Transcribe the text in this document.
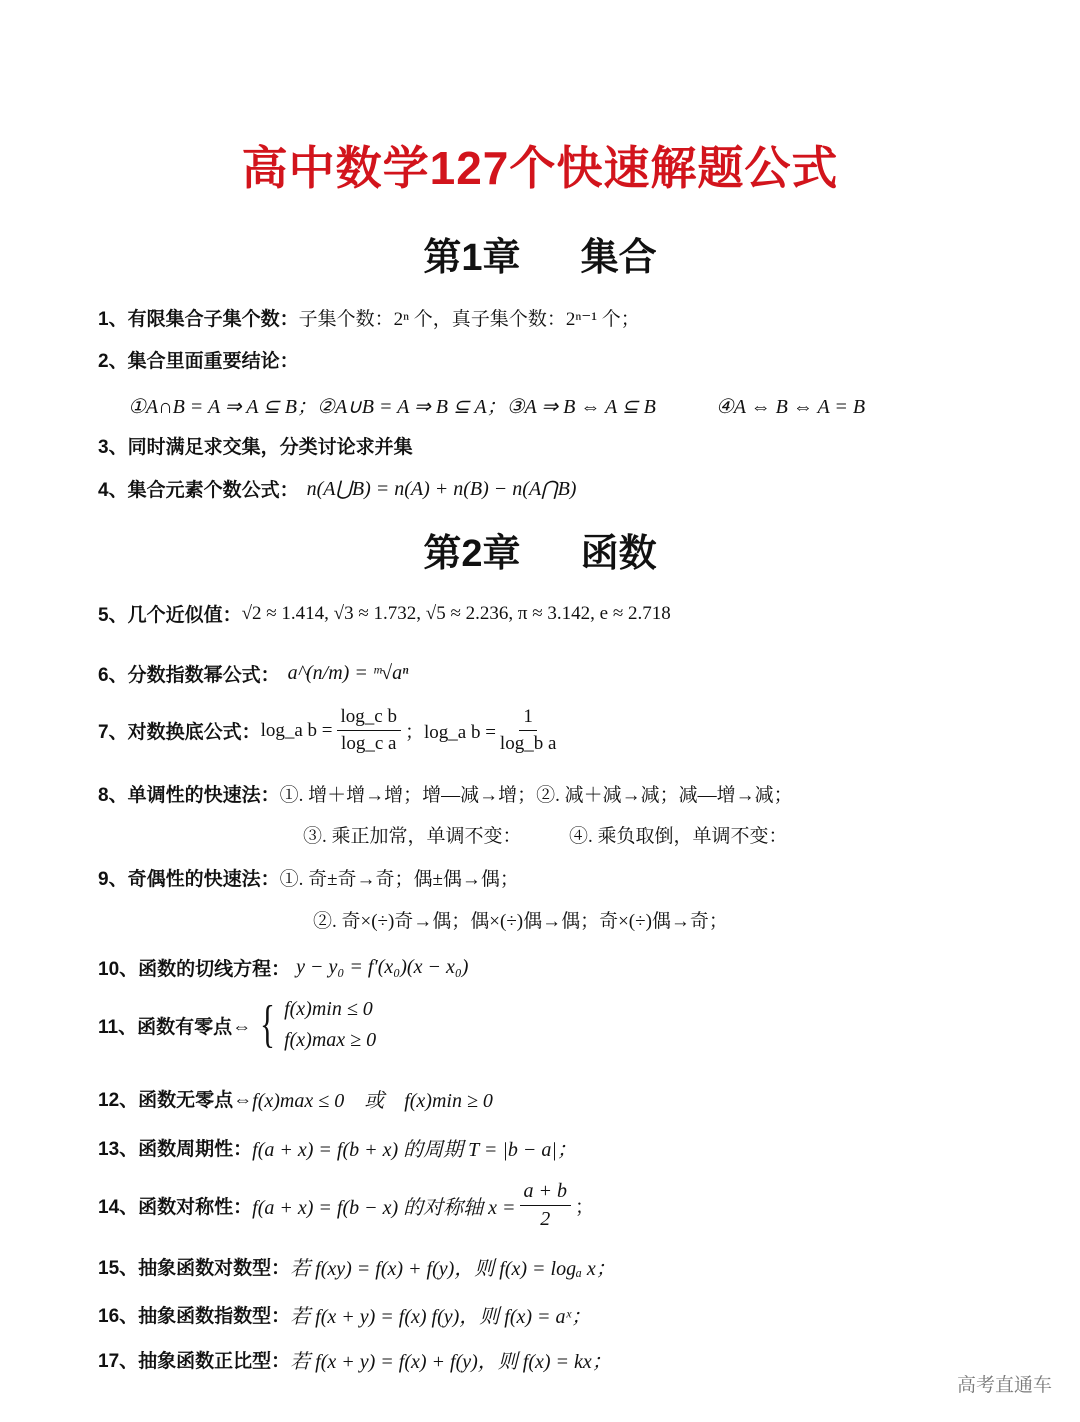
高中数学127个快速解题公式
第1章 集合
1、有限集合子集个数： 子集个数：2ⁿ 个，真子集个数：2ⁿ⁻¹ 个；
2、集合里面重要结论：
①A∩B = A ⇒ A ⊆ B；②A∪B = A ⇒ B ⊆ A；③A ⇒ B ⇔ A ⊆ B　　　④A ⇔ B ⇔ A = B
3、同时满足求交集，分类讨论求并集
4、集合元素个数公式： n(A⋃B) = n(A) + n(B) − n(A⋂B)
第2章 函数
5、几个近似值： √2 ≈ 1.414, √3 ≈ 1.732, √5 ≈ 2.236, π ≈ 3.142, e ≈ 2.718
6、分数指数幂公式： a^(n/m) = ᵐ√aⁿ
7、对数换底公式： log_a $b = \frac{\text{log\_c b}}{\text{log\_c a}}$ ；log_a $b = \frac{1}{\text{log\_b a}}$
8、单调性的快速法： ①. 增＋增→增；增—减→增；②. 减＋减→减；减—增→减；
③. 乘正加常，单调不变：　　　④. 乘负取倒，单调不变：
9、奇偶性的快速法： ①. 奇±奇→奇；偶±偶→偶；
②. 奇×(÷)奇→偶；偶×(÷)偶→偶；奇×(÷)偶→奇；
10、函数的切线方程： y − y₀ = f′(x₀)(x − x₀)
11、函数有零点⇔ { f(x)min ≤ 0
f(x)max ≥ 0
12、函数无零点⇔ f(x)max ≤ 0　或　f(x)min ≥ 0
13、函数周期性： f(a + x) = f(b + x) 的周期 T = |b − a|；
14、函数对称性： f(a + x) = f(b − x) 的对称轴 $x = \frac{a + b}{2}$ ；
15、抽象函数对数型： 若 f(xy) = f(x) + f(y)，则 f(x) = logₐ x；
16、抽象函数指数型： 若 f(x + y) = f(x) f(y)，则 f(x) = aˣ；
17、抽象函数正比型： 若 f(x + y) = f(x) + f(y)，则 f(x) = kx；
高考直通车
